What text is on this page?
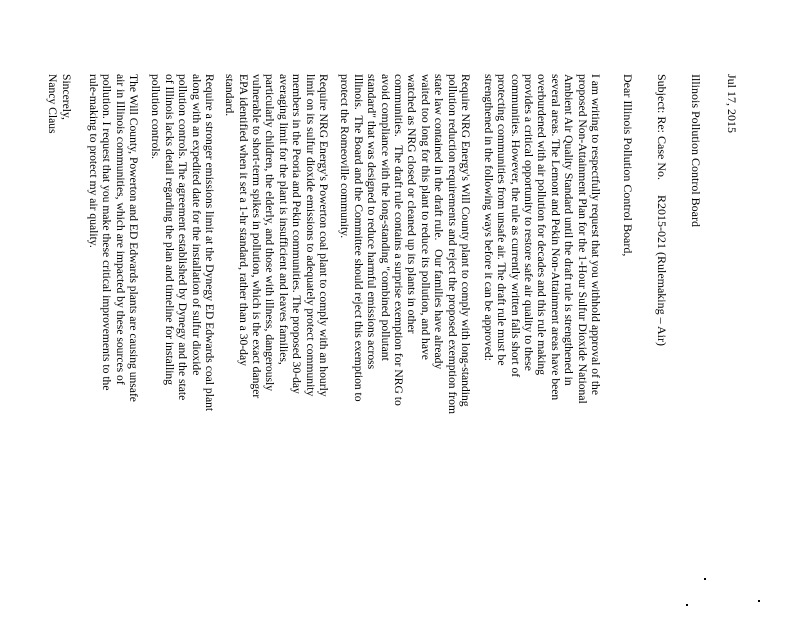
Jul 17, 2015
Illinois Pollution Control Board
Subject: Re: Case No.     R2015-021 (Rulemaking – Air)
Dear Illinois Pollution Control Board,
I am writing to respectfully request that you withhold approval of the
proposed Non-Attainment Plan for the 1-Hour Sulfur Dioxide National
Ambient Air Quality Standard until the draft rule is strengthened in
several areas. The Lemont and Pekin Non-Attainment areas have been
overburdened with air pollution for decades and this rule making
provides a critical opportunity to restore safe air quality to these
communities. However, the rule as currently written falls short of
protecting communities from unsafe air. The draft rule must be
strengthened in the following ways before it can be approved:
Require NRG Energy's Will County plant to comply with long-standing
pollution reduction requirements and reject the proposed exemption from
state law contained in the draft rule.   Our families have already
waited too long for this plant to reduce its pollution, and have
watched as NRG closed or cleaned up its plants in other
communities.   The draft rule contains a surprise exemption for NRG to
avoid compliance with the long-standing "combined pollutant
standard" that was designed to reduce harmful emissions across
Illinois.  The Board and the Committee should reject this exemption to
protect the Romeoville community.
Require NRG Energy's Powerton coal plant to comply with an hourly
limit on its sulfur dioxide emissions to adequately protect community
members in the Peoria and Pekin communities. The proposed 30-day
averaging limit for the plant is insufficient and leaves families,
particularly children, the elderly, and those with illness, dangerously
vulnerable to short-term spikes in pollution, which is the exact danger
EPA identified when it set a 1-hr standard, rather than a 30-day
standard.
Require a stronger emissions limit at the Dynegy ED Edwards coal plant
along with an expedited date for the installation of sulfur dioxide
pollution controls. The agreement established by Dynegy and the state
of Illinois lacks detail regarding the plan and timeline for installing
pollution controls.
The Will County, Powerton and ED Edwards plants are causing unsafe
air in Illinois communities, which are impacted by these sources of
pollution. I request that you make these critical improvements to the
rule-making to protect my air quality.
Sincerely,
Nancy Claus
